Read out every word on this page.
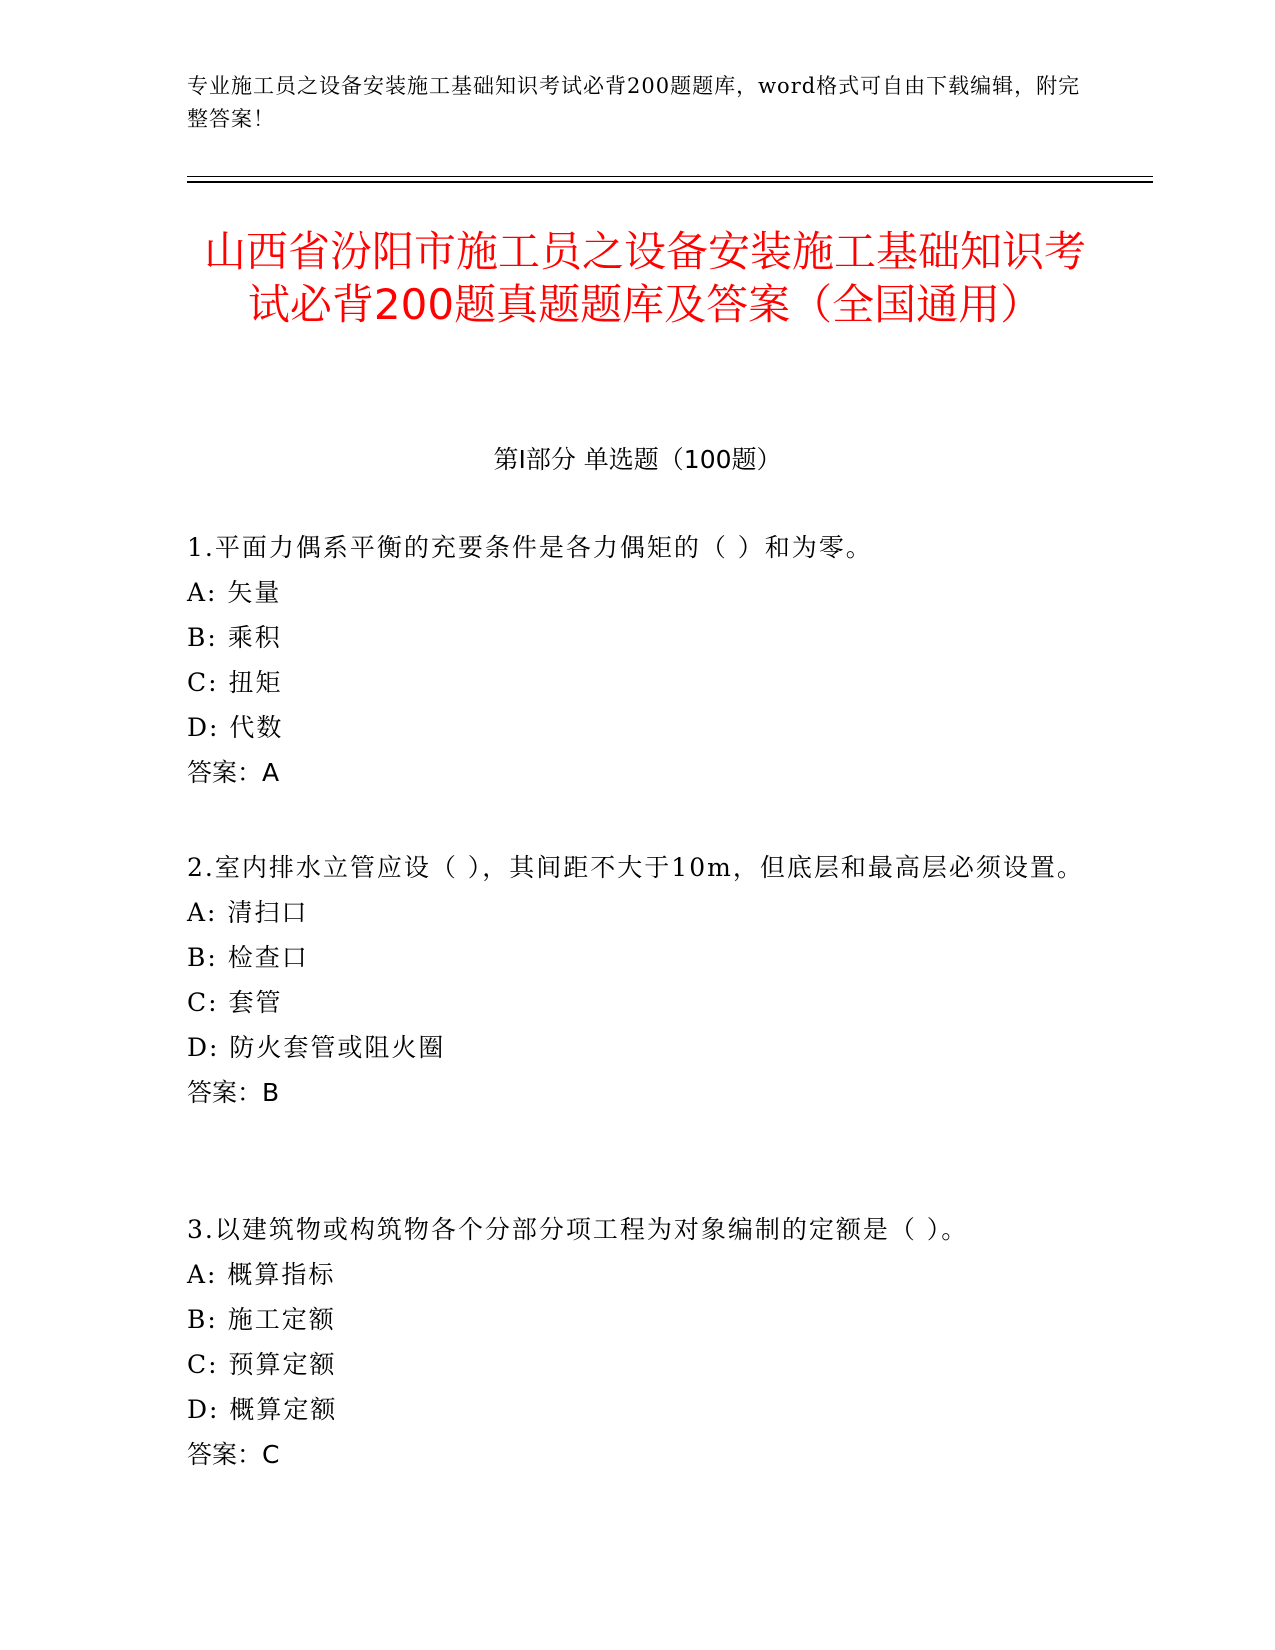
专业施工员之设备安装施工基础知识考试必背200题题库，word格式可自由下载编辑，附完整答案！
山西省汾阳市施工员之设备安装施工基础知识考试必背200题真题题库及答案（全国通用）
第I部分 单选题（100题）
1.平面力偶系平衡的充要条件是各力偶矩的（ ）和为零。
A: 矢量
B: 乘积
C: 扭矩
D: 代数
答案：A
2.室内排水立管应设（ ），其间距不大于10m，但底层和最高层必须设置。
A: 清扫口
B: 检查口
C: 套管
D: 防火套管或阻火圈
答案：B
3.以建筑物或构筑物各个分部分项工程为对象编制的定额是（ ）。
A: 概算指标
B: 施工定额
C: 预算定额
D: 概算定额
答案：C
